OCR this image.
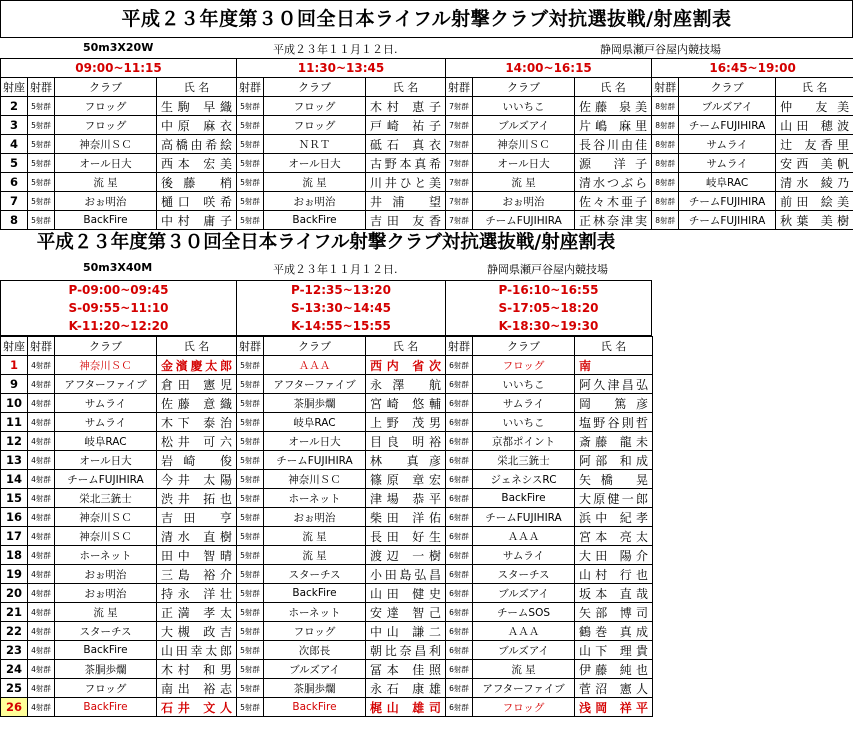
平成２３年度第３０回全日本ライフル射撃クラブ対抗選抜戦/射座割表
50m3X20W	平成２３年１１月１２日.	静岡県瀬戸谷屋内競技場
09:00~11:15				11:30~13:45			14:00~16:15			16:45~19:00		
射座	射群	クラブ	氏 名	射群	クラブ	氏 名	射群	クラブ	氏 名	射群	クラブ	氏 名
2	5射群	フロッグ	生駒 早織	5射群	フロッグ	木村 恵子	7射群	いいちこ	佐藤 泉美	8射群	ブルズアイ	仲 友美
3	5射群	フロッグ	中原 麻衣	5射群	フロッグ	戸崎 祐子	7射群	ブルズアイ	片嶋 麻里	8射群	チームFUJIHIRA	山田 穂波
4	5射群	神奈川ＳＣ	高橋由希絵	5射群	ＮＲＴ	砥石 真衣	7射群	神奈川ＳＣ	長谷川由佳	8射群	サムライ	辻 友香里
5	5射群	オール日大	西本 宏美	5射群	オール日大	古野本真希	7射群	オール日大	源 洋子	8射群	サムライ	安西 美帆
6	5射群	流 星	後藤 梢	5射群	流 星	川井ひと美	7射群	流 星	清水つぶら	8射群	岐阜RAC	清水 綾乃
7	5射群	おぉ明治	樋口 咲希	5射群	おぉ明治	井浦 望	7射群	おぉ明治	佐々木亜子	8射群	チームFUJIHIRA	前田 絵美
8	5射群	BackFire	中村 庸子	5射群	BackFire	吉田 友香	7射群	チームFUJIHIRA	正林奈津実	8射群	チームFUJIHIRA	秋葉 美樹
平成２３年度第３０回全日本ライフル射撃クラブ対抗選抜戦/射座割表
50m3X40M	平成２３年１１月１２日.	静岡県瀬戸谷屋内競技場
P-09:00~09:45
S-09:55~11:10
K-11:20~12:20
P-12:35~13:20
S-13:30~14:45
K-14:55~15:55
P-16:10~16:55
S-17:05~18:20
K-18:30~19:30
射座	射群	クラブ	氏 名	射群	クラブ	氏 名	射群	クラブ	氏 名
1	4射群	神奈川ＳＣ	金濱慶太郎	5射群	ＡＡＡ	西内 省次	6射群	フロッグ	南
9	4射群	アフターファイブ	倉田 憲児	5射群	アフターファイブ	永澤 航	6射群	いいちこ	阿久津昌弘
10	4射群	サムライ	佐藤 意織	5射群	茶胴歩爛	宮崎 悠輔	6射群	サムライ	岡 篤彦
11	4射群	サムライ	木下 泰治	5射群	岐阜RAC	上野 茂男	6射群	いいちこ	塩野谷則哲
12	4射群	岐阜RAC	松井 可六	5射群	オール日大	目良 明裕	6射群	京都ポイント	斎藤 龍未
13	4射群	オール日大	岩崎 俊	5射群	チームFUJIHIRA	林 真彦	6射群	栄北三銃士	阿部 和成
14	4射群	チームFUJIHIRA	今井 太陽	5射群	神奈川ＳＣ	篠原 章宏	6射群	ジェネシスRC	矢橋 晃
15	4射群	栄北三銃士	渋井 拓也	5射群	ホーネット	津場 恭平	6射群	BackFire	大原健一郎
16	4射群	神奈川ＳＣ	吉田 亨	5射群	おぉ明治	柴田 洋佑	6射群	チームFUJIHIRA	浜中 紀孝
17	4射群	神奈川ＳＣ	清水 直樹	5射群	流 星	長田 好生	6射群	ＡＡＡ	宮本 亮太
18	4射群	ホーネット	田中 智晴	5射群	流 星	渡辺 一樹	6射群	サムライ	大田 陽介
19	4射群	おぉ明治	三島 裕介	5射群	スターチス	小田島弘昌	6射群	スターチス	山村 行也
20	4射群	おぉ明治	持永 洋壮	5射群	BackFire	山田 健史	6射群	ブルズアイ	坂本 直哉
21	4射群	流 星	正満 孝太	5射群	ホーネット	安達 智己	6射群	チームSOS	矢部 博司
22	4射群	スターチス	大槻 政吉	5射群	フロッグ	中山 謙二	6射群	ＡＡＡ	鶴巻 真成
23	4射群	BackFire	山田幸太郎	5射群	次郎長	朝比奈昌利	6射群	ブルズアイ	山下 理貴
24	4射群	茶胴歩爛	木村 和男	5射群	ブルズアイ	冨本 佳照	6射群	流 星	伊藤 純也
25	4射群	フロッグ	南出 裕志	5射群	茶胴歩爛	永石 康雄	6射群	アフターファイブ	菅沼 憲人
26	4射群	BackFire	石井 文人	5射群	BackFire	梶山 雄司	6射群	フロッグ	浅岡 祥平
